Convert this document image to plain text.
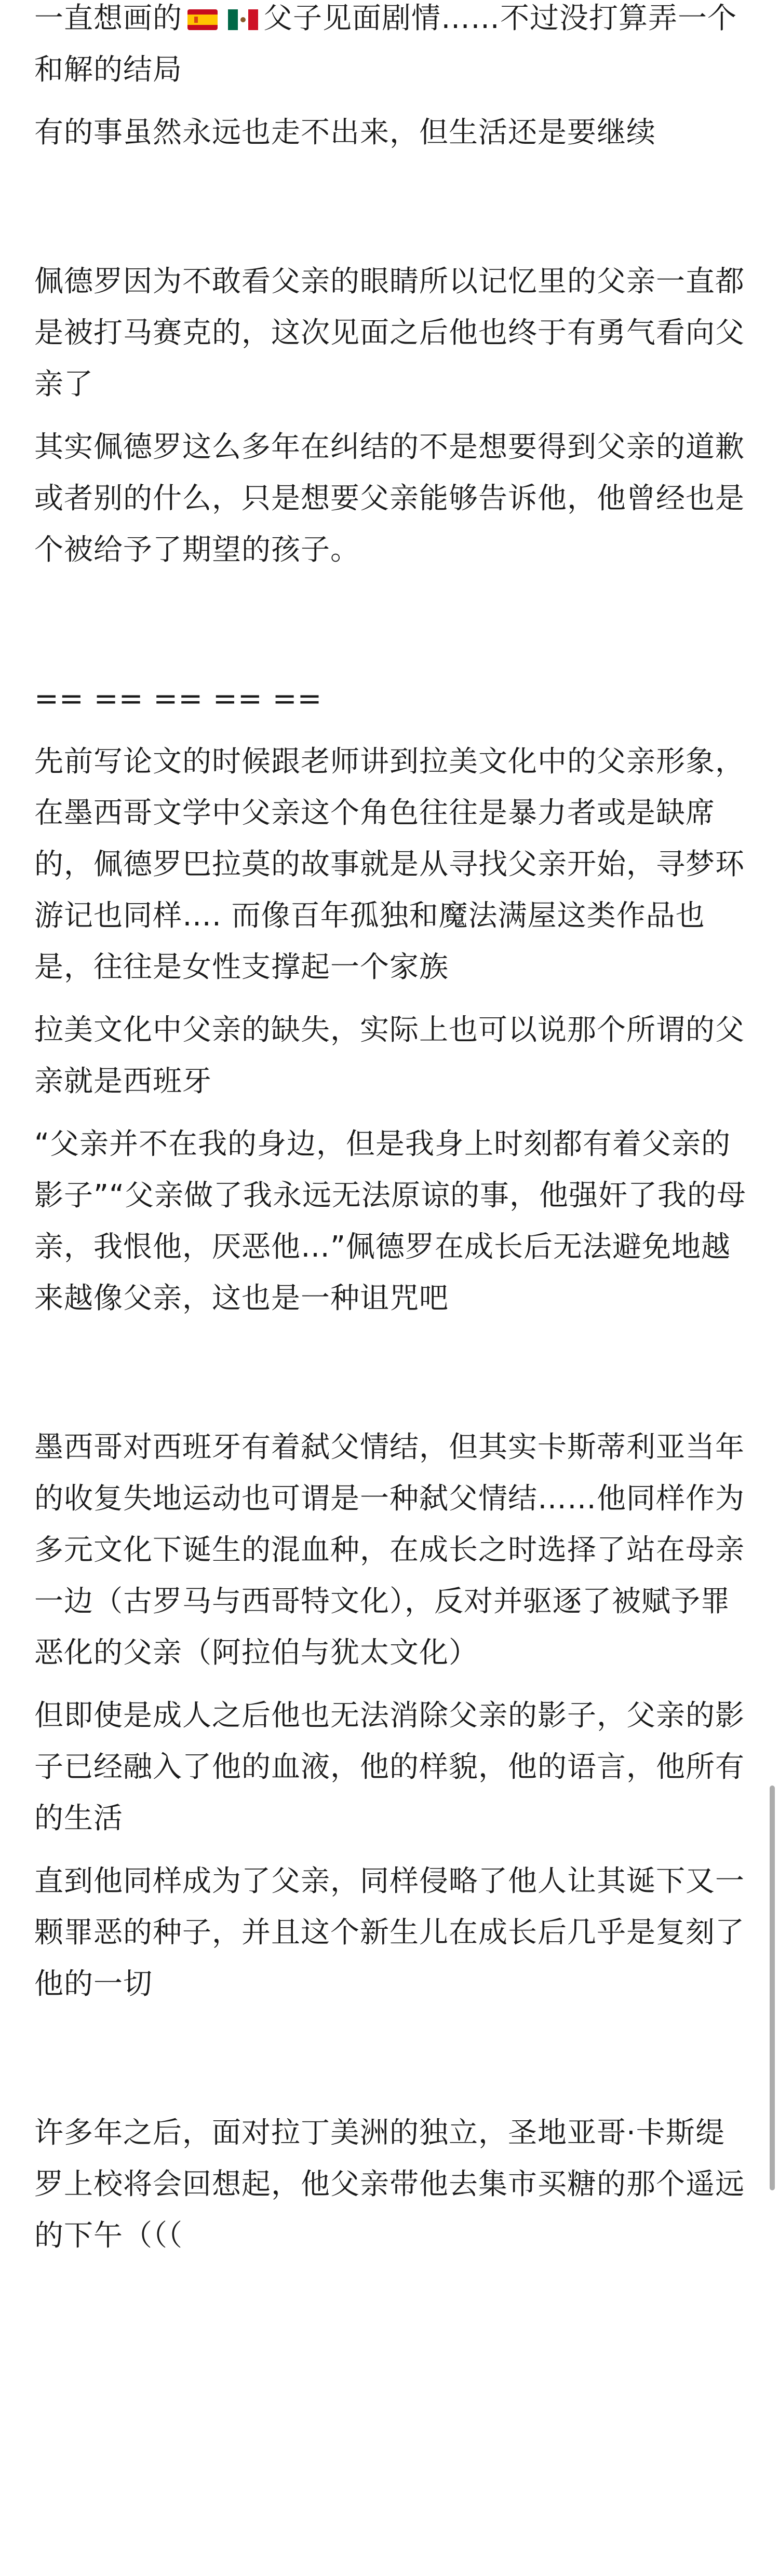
一直想画的	父子见面剧情……不过没打算弄一个和解的结局

有的事虽然永远也走不出来，但生活还是要继续

佩德罗因为不敢看父亲的眼睛所以记忆里的父亲一直都是被打马赛克的，这次见面之后他也终于有勇气看向父亲了

其实佩德罗这么多年在纠结的不是想要得到父亲的道歉或者别的什么，只是想要父亲能够告诉他，他曾经也是个被给予了期望的孩子。

== == == == ==

先前写论文的时候跟老师讲到拉美文化中的父亲形象，在墨西哥文学中父亲这个角色往往是暴力者或是缺席的，佩德罗巴拉莫的故事就是从寻找父亲开始，寻梦环游记也同样…. 而像百年孤独和魔法满屋这类作品也是，往往是女性支撑起一个家族

拉美文化中父亲的缺失，实际上也可以说那个所谓的父亲就是西班牙

“父亲并不在我的身边，但是我身上时刻都有着父亲的影子”“父亲做了我永远无法原谅的事，他强奸了我的母亲，我恨他，厌恶他…”佩德罗在成长后无法避免地越来越像父亲，这也是一种诅咒吧

墨西哥对西班牙有着弑父情结，但其实卡斯蒂利亚当年的收复失地运动也可谓是一种弑父情结……他同样作为多元文化下诞生的混血种，在成长之时选择了站在母亲一边（古罗马与西哥特文化），反对并驱逐了被赋予罪恶化的父亲（阿拉伯与犹太文化）

但即使是成人之后他也无法消除父亲的影子，父亲的影子已经融入了他的血液，他的样貌，他的语言，他所有的生活

直到他同样成为了父亲，同样侵略了他人让其诞下又一颗罪恶的种子，并且这个新生儿在成长后几乎是复刻了他的一切

许多年之后，面对拉丁美洲的独立，圣地亚哥·卡斯缇罗上校将会回想起，他父亲带他去集市买糖的那个遥远的下午（（（
